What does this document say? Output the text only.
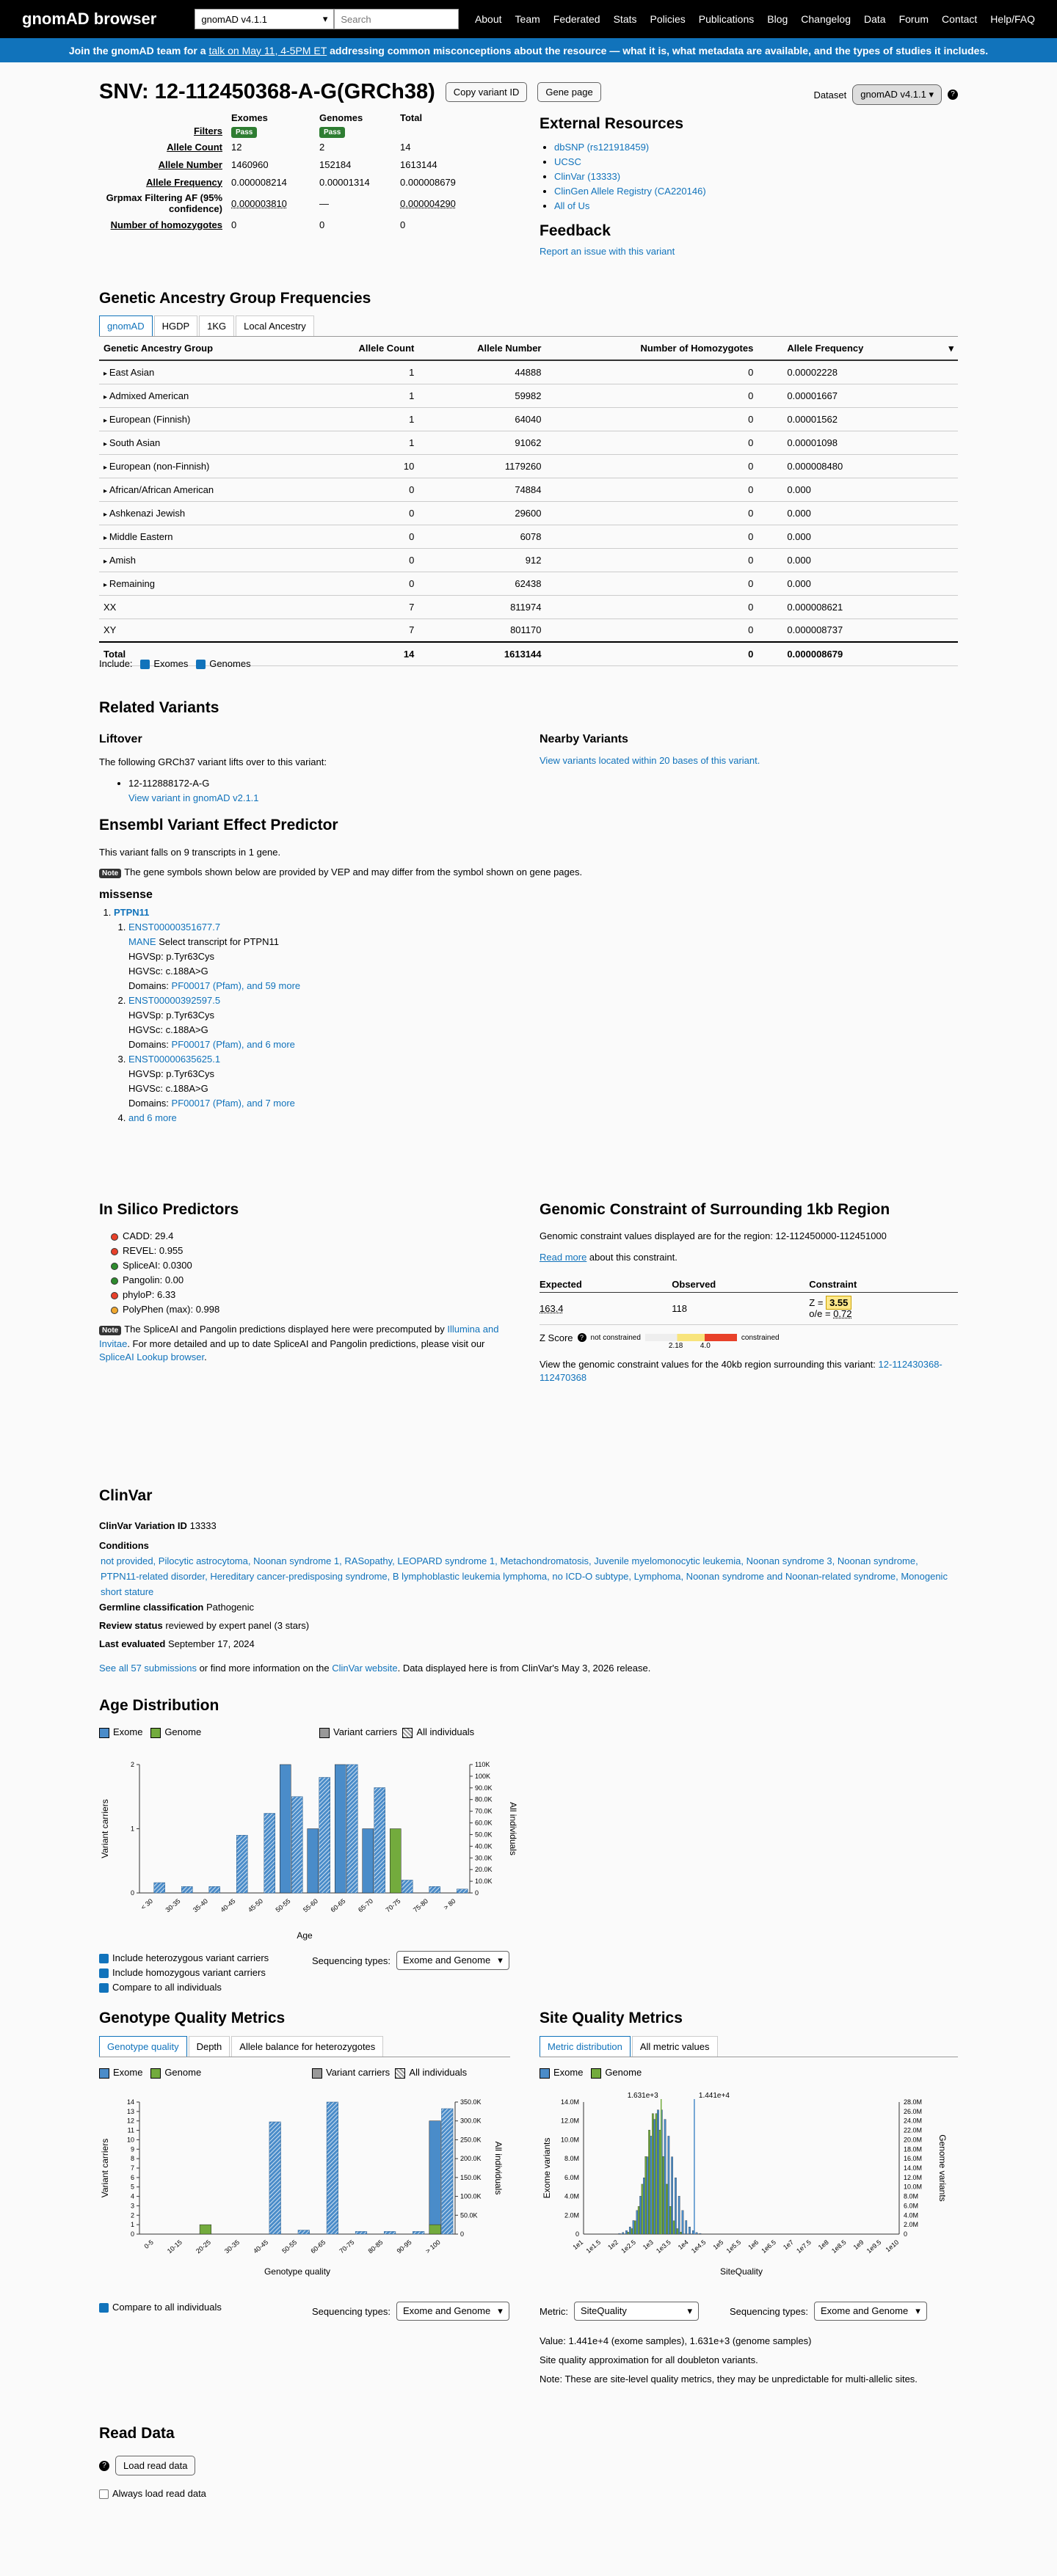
gnomAD browser	gnomAD v4.1.1	▾ Search	About Team Federated Stats Policies Publications Blog Changelog Data Forum Contact Help/FAQ
Join the gnomAD team for a
talk on May 11, 4-5PM ET
addressing common misconceptions about the resource — what it is, what metadata are available, and the types of studies it includes.
SNV: 12-112450368-A-G(GRCh38)	Copy variant ID	Gene page	Dataset	gnomAD v4.1.1 ▾	?
	Exomes	Genomes	Total
Filters	Pass	Pass	
Allele Count	12	2	14
Allele Number	1460960	152184	1613144
Allele Frequency	0.000008214	0.00001314	0.000008679
Grpmax Filtering AF (95% confidence)	0.000003810	—	0.000004290
Number of homozygotes	0	0	0
External Resources
• dbSNP (rs121918459)
• UCSC
• ClinVar (13333)
• ClinGen Allele Registry (CA220146)
• All of Us
Feedback
Report an issue with this variant
Genetic Ancestry Group Frequencies
gnomAD	HGDP	1KG	Local Ancestry
Genetic Ancestry Group	Allele Count	Allele Number	Number of Homozygotes	Allele Frequency ▾

▸ East Asian	1	44888	0	0.00002228
▸ Admixed American	1	59982	0	0.00001667
▸ European (Finnish)	1	64040	0	0.00001562
▸ South Asian	1	91062	0	0.00001098
▸ European (non-Finnish)	10	1179260	0	0.000008480
▸ African/African American	0	74884	0	0.000
▸ Ashkenazi Jewish	0	29600	0	0.000
▸ Middle Eastern	0	6078	0	0.000
▸ Amish	0	912	0	0.000
▸ Remaining	0	62438	0	0.000
XX	7	811974	0	0.000008621
XY	7	801170	0	0.000008737
Total	14	1613144	0	0.000008679
Include: Exomes Genomes
Related Variants
Liftover
The following GRCh37 variant lifts over to this variant:
• 12-112888172-A-G
View variant in gnomAD v2.1.1
Nearby Variants
View variants located within 20 bases of this variant.
Ensembl Variant Effect Predictor
This variant falls on 9 transcripts in 1 gene.
Note The gene symbols shown below are provided by VEP and may differ from the symbol shown on gene pages.
missense
1. PTPN11
1. ENST00000351677.7
MANE Select transcript for PTPN11
HGVSp: p.Tyr63Cys
HGVSc: c.188A>G
Domains: PF00017 (Pfam), and 59 more
2. ENST00000392597.5
HGVSp: p.Tyr63Cys
HGVSc: c.188A>G
Domains: PF00017 (Pfam), and 6 more
3. ENST00000635625.1
HGVSp: p.Tyr63Cys
HGVSc: c.188A>G
Domains: PF00017 (Pfam), and 7 more
4. and 6 more
In Silico Predictors
CADD: 29.4
REVEL: 0.955
SpliceAI: 0.0300
Pangolin: 0.00
phyloP: 6.33
PolyPhen (max): 0.998
Note The SpliceAI and Pangolin predictions displayed here were precomputed by Illumina and Invitae. For more detailed and up to date SpliceAI and Pangolin predictions, please visit our SpliceAI Lookup browser.
Genomic Constraint of Surrounding 1kb Region
Genomic constraint values displayed are for the region: 12-112450000-112451000
Read more about this constraint.
Expected	Observed	Constraint
163.4	118	Z = 3.55
o/e = 0.72
Z Score	? not constrained
2.18 4.0
constrained
View the genomic constraint values for the 40kb region surrounding this variant: 12-112430368-112470368
ClinVar
ClinVar Variation ID 13333
Conditions
not provided, Pilocytic astrocytoma, Noonan syndrome 1, RASopathy, LEOPARD syndrome 1, Metachondromatosis, Juvenile myelomonocytic leukemia, Noonan syndrome 3, Noonan syndrome, PTPN11-related disorder, Hereditary cancer-predisposing syndrome, B lymphoblastic leukemia lymphoma, no ICD-O subtype, Lymphoma, Noonan syndrome and Noonan-related syndrome, Monogenic short stature
Germline classification Pathogenic
Review status reviewed by expert panel (3 stars)
Last evaluated September 17, 2024
See all 57 submissions or find more information on the ClinVar website. Data displayed here is from ClinVar's May 3, 2026 release.
Age Distribution
Exome Genome	Variant carriers All individuals
0
1
2
0
10.0K
20.0K
30.0K
40.0K
50.0K
60.0K
70.0K
80.0K
90.0K
100K
110K
< 30 30-35 35-40 40-45 45-50 50-55 55-60 60-65 65-70 70-75 75-80 > 80
Age
Variant carriers	All individuals
Include heterozygous variant carriers
Include homozygous variant carriers
Compare to all individuals
Sequencing types: Exome and Genome ▾
Genotype Quality Metrics
Genotype quality	Depth	Allele balance for heterozygotes
Exome Genome	Variant carriers All individuals
0
1
2
3
4
5
6
7
8
9
10
11
12
13
14
0
50.0K
100.0K
150.0K
200.0K
250.0K
300.0K
350.0K
0-5 10-15 20-25 30-35 40-45 50-55 60-65 70-75 80-85 90-95 > 100
Genotype quality
Variant carriers	All individuals
Compare to all individuals	Sequencing types: Exome and Genome ▾
Site Quality Metrics
Metric distribution	All metric values
Exome Genome
0
2.0M
4.0M
6.0M
8.0M
10.0M
12.0M
14.0M
0
2.0M
4.0M
6.0M
8.0M
10.0M
12.0M
14.0M
16.0M
18.0M
20.0M
22.0M
24.0M
26.0M
28.0M
1e1 1e1.5 1e2 1e2.5 1e3 1e3.5 1e4 1e4.5 1e5 1e5.5 1e6 1e6.5 1e7 1e7.5 1e8 1e8.5 1e9 1e9.5 1e10
1.631e+3	1.441e+4
SiteQuality
Exome variants	Genome variants
Metric: SiteQuality	▾	Sequencing types: Exome and Genome ▾
Value: 1.441e+4 (exome samples), 1.631e+3 (genome samples)
Site quality approximation for all doubleton variants.
Note: These are site-level quality metrics, they may be unpredictable for multi-allelic sites.
Read Data
?	Load read data
Always load read data
